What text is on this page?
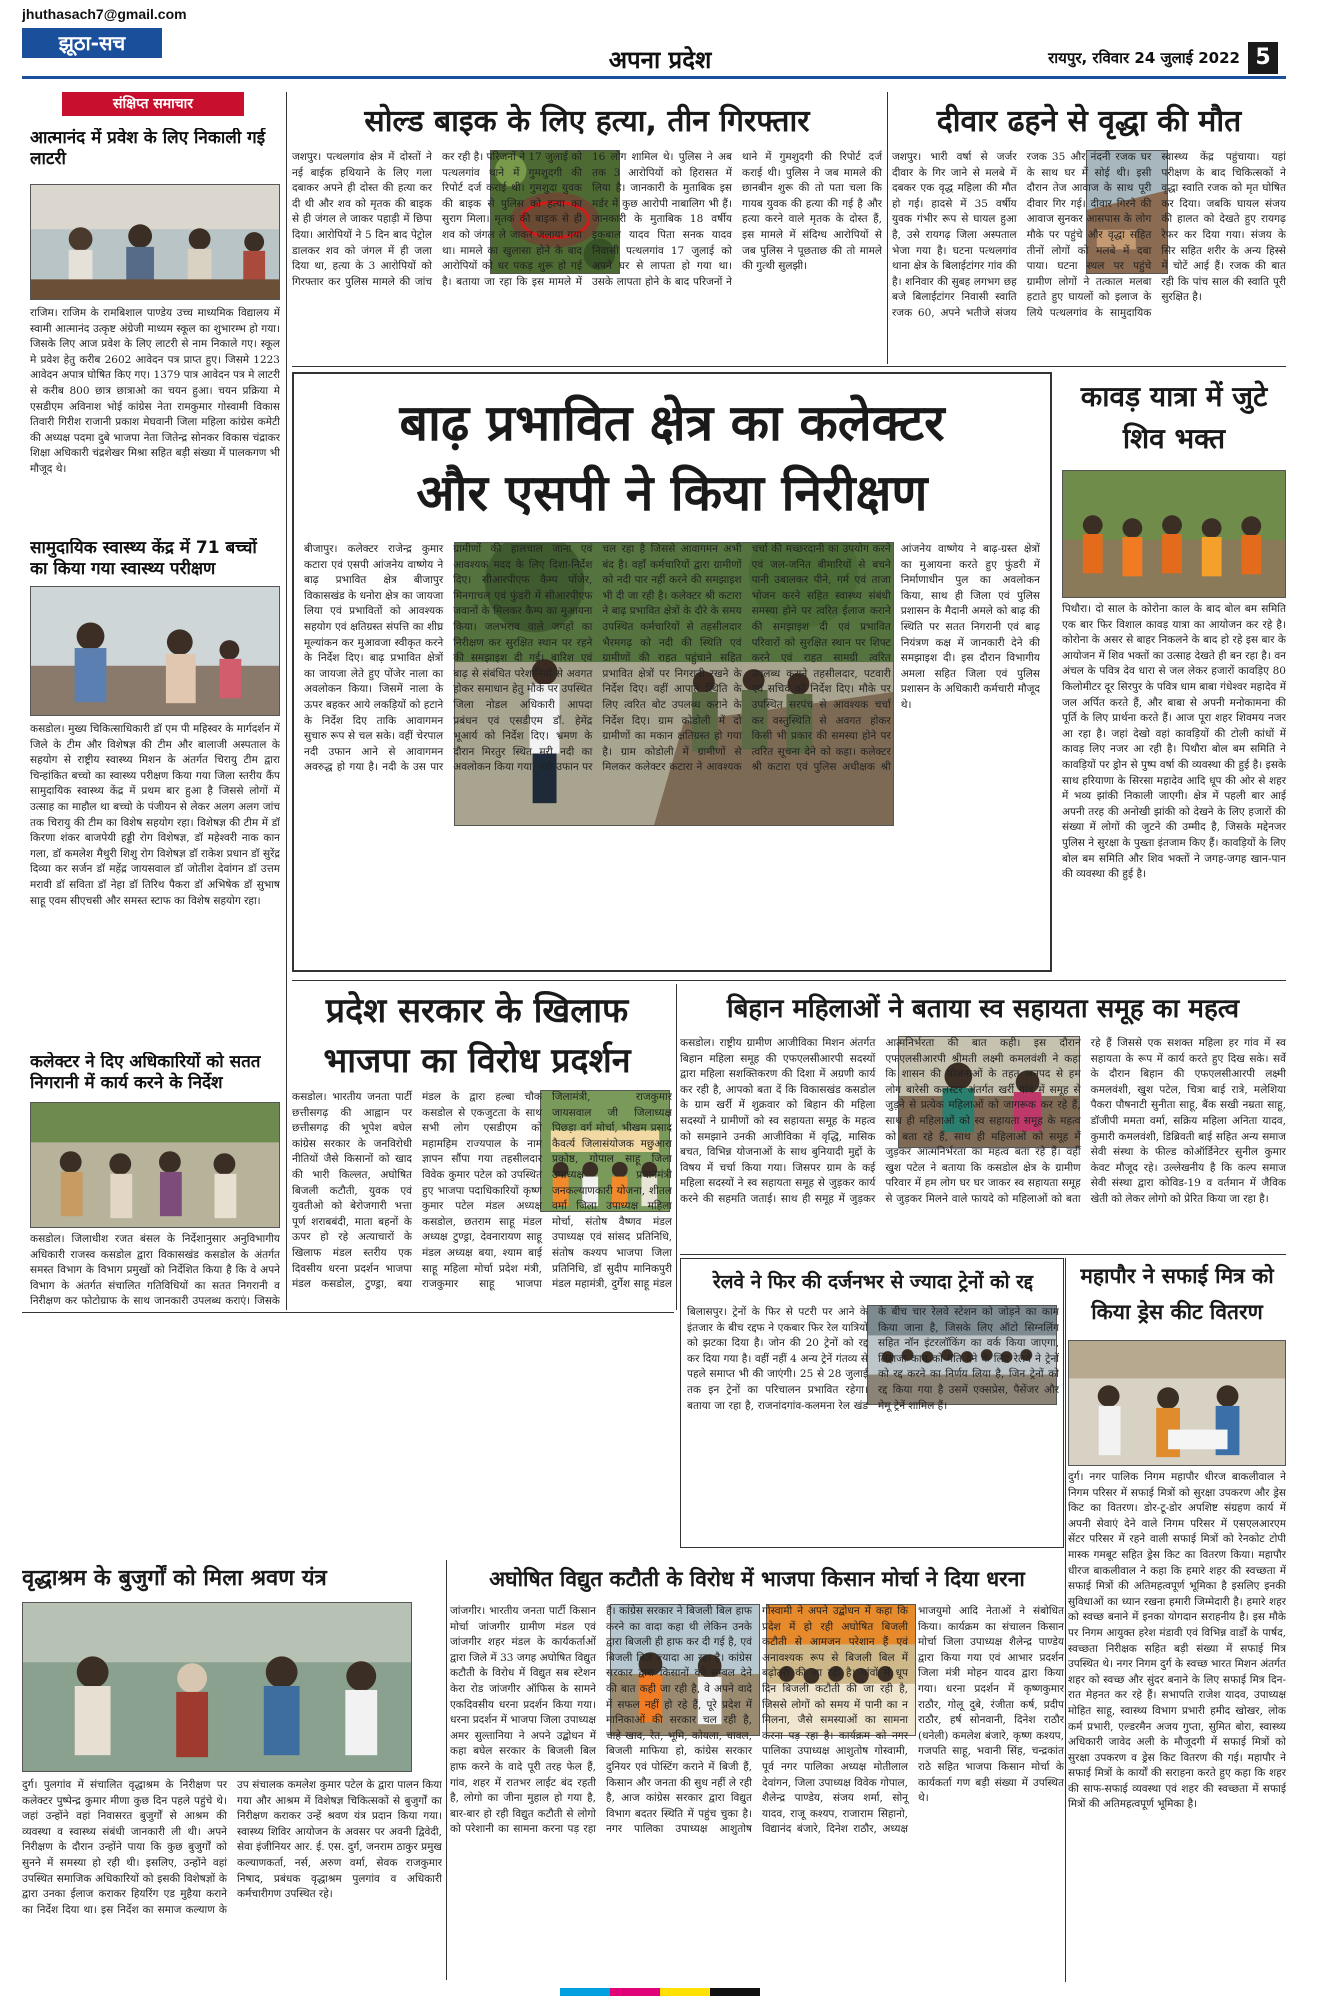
jhuthasach7@gmail.com
झूठा-सच
अपना प्रदेश	रायपुर, रविवार 24 जुलाई 2022 5
संक्षिप्त समाचार
आत्मानंद में प्रवेश के लिए निकाली गई लाटरी
राजिम। राजिम के रामबिशाल पाण्डेय उच्च माध्यमिक विद्यालय में स्वामी आत्मानंद उत्कृष्ट अंग्रेजी माध्यम स्कूल का शुभारम्भ हो गया। जिसके लिए आज प्रवेश के लिए लाटरी से नाम निकाले गए। स्कूल मे प्रवेश हेतु करीब 2602 आवेदन पत्र प्राप्त हुए। जिसमे 1223 आवेदन अपात्र घोषित किए गए। 1379 पात्र आवेदन पत्र मे लाटरी से करीब 800 छात्र छात्राओ का चयन हुआ। चयन प्रक्रिया मे एसडीएम अविनाश भोई कांग्रेस नेता रामकुमार गोस्वामी विकास तिवारी गिरीश राजानी प्रकाश मेघवानी जिला महिला कांग्रेस कमेटी की अध्यक्ष पदमा दुबे भाजपा नेता जितेन्द्र सोनकर विकास चंद्राकर शिक्षा अधिकारी चंद्रशेखर मिश्रा सहित बड़ी संख्या में पालकगण भी मौजूद थे।
सामुदायिक स्वास्थ्य केंद्र में 71 बच्चों का किया गया स्वास्थ्य परीक्षण
कसडोल। मुख्य चिकित्साधिकारी डॉ एम पी महिस्वर के मार्गदर्शन में जिले के टीम और विशेषज्ञ की टीम और बालाजी अस्पताल के सहयोग से राष्ट्रीय स्वास्थ्य मिशन के अंतर्गत चिरायु टीम द्वारा चिन्हांकित बच्चो का स्वास्थ्य परीक्षण किया गया जिला स्तरीय कैंप सामुदायिक स्वास्थ्य केंद्र में प्रथम बार हुआ है जिससे लोगों में उत्साह का माहौल था बच्चो के पंजीयन से लेकर अलग अलग जांच तक चिरायु की टीम का विशेष सहयोग रहा। विशेषज्ञ की टीम में डॉ किरणा शंकर बाजपेयी हड्डी रोग विशेषज्ञ, डॉ महेश्वरी नाक कान गला, डॉ कमलेश मैथुरी शिशु रोग विशेषज्ञ डॉ राकेश प्रधान डॉ सुरेंद्र दिव्या कर सर्जन डॉ महेंद्र जायसवाल डॉ जोतीश देवांगन डॉ उत्तम मरावी डॉ सविता डॉ नेहा डॉ तिरिथ पैकरा डॉ अभिषेक डॉ सुभाष साहू एवम सीएचसी और समस्त स्टाफ का विशेष सहयोग रहा।
कलेक्टर ने दिए अधिकारियों को सतत निगरानी में कार्य करने के निर्देश
कसडोल। जिलाधीश रजत बंसल के निर्देशानुसार अनुविभागीय अधिकारी राजस्व कसडोल द्वारा विकासखंड कसडोल के अंतर्गत समस्त विभाग के विभाग प्रमुखों को निर्देशित किया है कि वे अपने विभाग के अंतर्गत संचालित गतिविधियों का सतत निगरानी व निरीक्षण कर फोटोग्राफ के साथ जानकारी उपलब्ध कराएं। जिसके
सोल्ड बाइक के लिए हत्या, तीन गिरफ्तार
जशपुर। पत्थलगांव क्षेत्र में दोस्तों ने नई बाईक हथियाने के लिए गला दबाकर अपने ही दोस्त की हत्या कर दी थी और शव को मृतक की बाइक से ही जंगल ले जाकर पहाड़ी में छिपा दिया। आरोपियों ने 5 दिन बाद पेट्रोल डालकर शव को जंगल में ही जला दिया था, हत्या के 3 आरोपियों को गिरफ्तार कर पुलिस मामले की जांच कर रही है। परिजनों ने 17 जुलाई को पत्थलगांव थाने में गुमशुदगी की रिपोर्ट दर्ज कराई थी। गुमशुदा युवक की बाइक से पुलिस को हत्या का सुराग मिला। मृतक की बाइक से ही शव को जंगल ले जाकर जलाया गया था। मामले का खुलासा होने के बाद आरोपियों को धर पकड़ शुरू हो गई है। बताया जा रहा कि इस मामले में 16 लोग शामिल थे। पुलिस ने अब तक 3 आरोपियों को हिरासत में लिया है। जानकारी के मुताबिक इस मर्डर में कुछ आरोपी नाबालिग भी हैं। जानकारी के मुताबिक 18 वर्षीय इकबाल यादव पिता सनक यादव निवासी पत्थलगांव 17 जुलाई को अपने घर से लापता हो गया था। उसके लापता होने के बाद परिजनों ने थाने में गुमशुदगी की रिपोर्ट दर्ज कराई थी। पुलिस ने जब मामले की छानबीन शुरू की तो पता चला कि गायब युवक की हत्या की गई है और हत्या करने वाले मृतक के दोस्त हैं, इस मामले में संदिग्ध आरोपियों से जब पुलिस ने पूछताछ की तो मामले की गुत्थी सुलझी।
दीवार ढहने से वृद्धा की मौत
जशपुर। भारी वर्षा से जर्जर दीवार के गिर जाने से मलबे में दबकर एक वृद्ध महिला की मौत हो गई। हादसे में 35 वर्षीय युवक गंभीर रूप से घायल हुआ है, उसे रायगढ़ जिला अस्पताल भेजा गया है। घटना पत्थलगांव थाना क्षेत्र के बिलाईटांगर गांव की है। शनिवार की सुबह लगभग छह बजे बिलाईटांगर निवासी स्वाति रजक 60, अपने भतीजे संजय रजक 35 और नंदनी रजक घर के साथ घर में सोई थी। इसी दौरान तेज आवाज के साथ पूरी दीवार गिर गई। दीवार गिरने की आवाज सुनकर आसपास के लोग मौके पर पहुंचे और वृद्धा सहित तीनों लोगों को मलबे में दबा पाया। घटना स्थल पर पहुंचे ग्रामीण लोगों ने तत्काल मलबा हटाते हुए घायलों को इलाज के लिये पत्थलगांव के सामुदायिक स्वास्थ्य केंद्र पहुंचाया। यहां परीक्षण के बाद चिकित्सकों ने वृद्धा स्वाति रजक को मृत घोषित कर दिया। जबकि घायल संजय की हालत को देखते हुए रायगढ़ रेफर कर दिया गया। संजय के सिर सहित शरीर के अन्य हिस्से में चोटें आई हैं। रजक की बात रही कि पांच साल की स्वाति पूरी सुरक्षित है।
बाढ़ प्रभावित क्षेत्र का कलेक्टर
और एसपी ने किया निरीक्षण
बीजापुर। कलेक्टर राजेन्द्र कुमार कटारा एवं एसपी आंजनेय वाष्णेय ने बाढ़ प्रभावित क्षेत्र बीजापुर विकासखंड के धनोरा क्षेत्र का जायजा लिया एवं प्रभावितों को आवश्यक सहयोग एवं क्षतिग्रस्त संपत्ति का शीघ्र मूल्यांकन कर मुआवजा स्वीकृत करने के निर्देश दिए। बाढ़ प्रभावित क्षेत्रों का जायजा लेते हुए पोंजेर नाला का अवलोकन किया। जिसमें नाला के ऊपर बहकर आये लकड़ियों को हटाने के निर्देश दिए ताकि आवागमन सुचारु रूप से चल सके। वहीं चेरपाल नदी उफान आने से आवागमन अवरुद्ध हो गया है। नदी के उस पार ग्रामीणों की हालचाल जाना एवं आवश्यक मदद के लिए दिशा-निर्देश दिए। सीआरपीएफ कैम्प पोंजेर, मिनगाचल एवं फुंडरी में सीआरपीएफ जवानों के मिलकर कैम्प का मुआयना किया। जलभराव वाले जगहों का निरीक्षण कर सुरक्षित स्थान पर रहने की समझाइश दी गई। बारिश एवं बाढ़ से संबंधित परेशानियों से अवगत होकर समाधान हेतु मौके पर उपस्थित जिला नोडल अधिकारी आपदा प्रबंधन एवं एसडीएम डॉ. हेमेंद्र भूआर्य को निर्देश दिए। भ्रमण के दौरान मिरतुर स्थित मरी नदी का अवलोकन किया गया, नदी उफान पर चल रहा है जिससे आवागमन अभी बंद है। वहाँ कर्मचारियों द्वारा ग्रामीणों को नदी पार नहीं करने की समझाइश भी दी जा रही है। कलेक्टर श्री कटारा ने बाढ़ प्रभावित क्षेत्रों के दौरे के समय उपस्थित कर्मचारियों से तहसीलदार भैरमगढ़ को नदी की स्थिति एवं ग्रामीणों की राहत पहुंचाने सहित प्रभावित क्षेत्रों पर निगरानी रखने के निर्देश दिए। वहीं आपात स्थिति के लिए त्वरित बोट उपलब्ध कराने के निर्देश दिए। ग्राम कोडोली में दो ग्रामीणों का मकान क्षतिग्रस्त हो गया है। ग्राम कोडोली में ग्रामीणों से मिलकर कलेक्टर कटारा ने आवश्यक चर्चा की मच्छरदानी का उपयोग करने एवं जल-जनित बीमारियों से बचने पानी उबालकर पीने, गर्म एवं ताजा भोजन करने सहित स्वास्थ्य संबंधी समस्या होने पर त्वरित ईलाज कराने की समझाइश दी एवं प्रभावित परिवारों को सुरक्षित स्थान पर शिफ्ट करने एवं राहत सामग्री त्वरित उपलब्ध कराने तहसीलदार, पटवारी एवं सचिव को निर्देश दिए। मौके पर उपस्थित सरपंच से आवश्यक चर्चा कर वस्तुस्थिति से अवगत होकर किसी भी प्रकार की समस्या होने पर त्वरित सूचना देने को कहा। कलेक्टर श्री कटारा एवं पुलिस अधीक्षक श्री आंजनेय वाष्णेय ने बाढ़-ग्रस्त क्षेत्रों का मुआयना करते हुए फुंडरी में निर्माणाधीन पुल का अवलोकन किया, साथ ही जिला एवं पुलिस प्रशासन के मैदानी अमले को बाढ़ की स्थिति पर सतत निगरानी एवं बाढ़ नियंत्रण कक्ष में जानकारी देने की समझाइश दी। इस दौरान विभागीय अमला सहित जिला एवं पुलिस प्रशासन के अधिकारी कर्मचारी मौजूद थे।
कावड़ यात्रा में जुटे शिव भक्त
पिथौरा। दो साल के कोरोना काल के बाद बोल बम समिति एक बार फिर विशाल कावड़ यात्रा का आयोजन कर रहे है। कोरोना के असर से बाहर निकलने के बाद हो रहे इस बार के आयोजन में शिव भक्तों का उत्साह देखते ही बन रहा है। वन अंचल के पवित्र देव धारा से जल लेकर हजारों कावड़िए 80 किलोमीटर दूर सिरपुर के पवित्र धाम बाबा गंधेश्वर महादेव में जल अर्पित करते हैं, और बाबा से अपनी मनोकामना की पूर्ति के लिए प्रार्थना करते हैं। आज पूरा शहर शिवमय नजर आ रहा है। जहां देखो वहां कावड़ियों की टोली कांधों में कावड़ लिए नजर आ रही है। पिथौरा बोल बम समिति ने कावड़ियों पर ड्रोन से पुष्प वर्षा की व्यवस्था की हुई है। इसके साथ हरियाणा के सिरसा महादेव आदि धूप की ओर से शहर में भव्य झांकी निकाली जाएगी। क्षेत्र में पहली बार आई अपनी तरह की अनोखी झांकी को देखने के लिए हजारों की संख्या में लोगों की जुटने की उम्मीद है, जिसके मद्देनजर पुलिस ने सुरक्षा के पुख्ता इंतजाम किए हैं। कावड़ियों के लिए बोल बम समिति और शिव भक्तों ने जगह-जगह खान-पान की व्यवस्था की हुई है।
प्रदेश सरकार के खिलाफ
भाजपा का विरोध प्रदर्शन
कसडोल। भारतीय जनता पार्टी छत्तीसगढ़ की आह्वान पर छत्तीसगढ़ की भूपेश बघेल कांग्रेस सरकार के जनविरोधी नीतियों जैसे किसानों को खाद की भारी किल्लत, अघोषित बिजली कटौती, युवक एवं युवतीओ को बेरोजगारी भत्ता पूर्ण शराबबंदी, माता बहनों के ऊपर हो रहे अत्याचारों के खिलाफ मंडल स्तरीय एक दिवसीय धरना प्रदर्शन भाजपा मंडल कसडोल, टुण्ड्रा, बया मंडल के द्वारा हल्बा चौक कसडोल से एकजुटता के साथ सभी लोग एसडीएम को महामहिम राज्यपाल के नाम ज्ञापन सौंपा गया तहसीलदार विवेक कुमार पटेल को उपस्थित हुए भाजपा पदाधिकारियों कृष्ण कुमार पटेल मंडल अध्यक्ष कसडोल, छतराम साहू मंडल अध्यक्ष टुण्ड्रा, देवनारायण साहू मंडल अध्यक्ष बया, श्याम बाई साहू महिला मोर्चा प्रदेश मंत्री, राजकुमार साहू भाजपा जिलामंत्री, राजकुमार जायसवाल जी जिलाध्यक्ष पिछड़ा वर्ग मोर्चा, भीखम प्रसाद कैवर्त्य जिलासंयोजक मछुआरा प्रकोष्ठ, गोपाल साहू जिला उपाध्यक्ष प्रधानमंत्री जनकल्याणकारी योजना, शीतल वर्मा जिला उपाध्यक्ष महिला मोर्चा, संतोष वैष्णव मंडल उपाध्यक्ष एवं सांसद प्रतिनिधि, संतोष कश्यप भाजपा जिला प्रतिनिधि, डॉ सुदीप मानिकपुरी मंडल महामंत्री, दुर्गेश साहू मंडल
बिहान महिलाओं ने बताया स्व सहायता समूह का महत्व
कसडोल। राष्ट्रीय ग्रामीण आजीविका मिशन अंतर्गत बिहान महिला समूह की एफएलसीआरपी सदस्यों द्वारा महिला सशक्तिकरण की दिशा में अग्रणी कार्य कर रही है, आपको बता दें कि विकासखंड कसडोल के ग्राम खर्री में शुक्रवार को बिहान की महिला सदस्यों ने ग्रामीणों को स्व सहायता समूह के महत्व को समझाने उनकी आजीविका में वृद्धि, मासिक बचत, विभिन्न योजनाओं के साथ बुनियादी मुद्दों के विषय में चर्चा किया गया। जिसपर ग्राम के कई महिला सदस्यों ने स्व सहायता समूह से जुड़कर कार्य करने की सहमति जताई। साथ ही समूह में जुड़कर आत्मनिर्भरता की बात कही। इस दौरान एफएलसीआरपी श्रीमती लक्ष्मी कमलवंशी ने कहा कि शासन की योजनाओं के तहत जनपद से हम लोग बारेसी कलस्टर अंतर्गत खर्री गांव में समूह से जुड़ने से प्रत्येक महिलाओं को जागरूक कर रहे हैं, साथ ही महिलाओं को स्व सहायता समूह के महत्व को बता रहे हैं, साथ ही महिलाओं को समूह में जुड़कर आत्मनिर्भरता का महत्व बता रहे हैं। वहीं खुश पटेल ने बताया कि कसडोल क्षेत्र के ग्रामीण परिवार में हम लोग घर घर जाकर स्व सहायता समूह से जुड़कर मिलने वाले फायदे को महिलाओं को बता रहे हैं जिससे एक सशक्त महिला हर गांव में स्व सहायता के रूप में कार्य करते हुए दिख सके। सर्वे के दौरान बिहान की एफएलसीआरपी लक्ष्मी कमलवंशी, खुश पटेल, चित्रा बाई रात्रे, मलेशिया पैकरा पौषनाटी सुनीता साहू, बैंक सखी नम्रता साहू, डॉजीपी ममता वर्मा, सक्रिय महिला अनिता यादव, कुमारी कमलवंशी, डिब्रिवती बाई सहित अन्य समाज सेवी संस्था के फील्ड कोऑर्डिनेटर सुनील कुमार केवट मौजूद रहे। उल्लेखनीय है कि कल्प समाज सेवी संस्था द्वारा कोविड-19 व वर्तमान में जैविक खेती को लेकर लोगो को प्रेरित किया जा रहा है।
रेलवे ने फिर की दर्जनभर से ज्यादा ट्रेनों को रद्द
बिलासपुर। ट्रेनों के फिर से पटरी पर आने के इंतजार के बीच रद्दफ ने एकबार फिर रेल यात्रियों को झटका दिया है। जोन की 20 ट्रेनों को रद्द कर दिया गया है। वहीं नहीं 4 अन्य ट्रेनें गंतव्य से पहले समाप्त भी की जाएंगी। 25 से 28 जुलाई तक इन ट्रेनों का परिचालन प्रभावित रहेगा। बताया जा रहा है, राजनांदगांव-कलमना रेल खंड के बीच चार रेलवे स्टेशन को जोड़ने का काम किया जाना है, जिसके लिए ऑटो सिग्नलिंग सहित नॉन इंटरलॉकिंग का वर्क किया जाएगा, लिहाजा काम को गति देने के लिए रेलवे ने ट्रेनों को रद्द करने का निर्णय लिया है, जिन ट्रेनों को रद्द किया गया है उसमें एक्सप्रेस, पैसेंजर और मेमू ट्रेनें शामिल हैं।
महापौर ने सफाई मित्र को किया ड्रेस कीट वितरण
दुर्ग। नगर पालिक निगम महापौर धीरज बाकलीवाल ने निगम परिसर में सफाई मित्रों को सुरक्षा उपकरण और ड्रेस किट का वितरण। डोर-टू-डोर अपशिष्ट संग्रहण कार्य में अपनी सेवाएं देने वाले निगम परिसर में एसएलआरएम सेंटर परिसर में रहने वाली सफाई मित्रों को रेनकोट टोपी मास्क गमबूट सहित ड्रेस किट का वितरण किया। महापौर धीरज बाकलीवाल ने कहा कि हमारे शहर की स्वच्छता में सफाई मित्रों की अतिमहत्वपूर्ण भूमिका है इसलिए इनकी सुविधाओं का ध्यान रखना हमारी जिम्मेदारी है। हमारे शहर को स्वच्छ बनाने में इनका योगदान सराहनीय है। इस मौके पर निगम आयुक्त हरेश मंडावी एवं विभिन्न वार्डों के पार्षद, स्वच्छता निरीक्षक सहित बड़ी संख्या में सफाई मित्र उपस्थित थे। नगर निगम दुर्ग के स्वच्छ भारत मिशन अंतर्गत शहर को स्वच्छ और सुंदर बनाने के लिए सफाई मित्र दिन-रात मेहनत कर रहे हैं। सभापति राजेश यादव, उपाध्यक्ष मोहित साहू, स्वास्थ्य विभाग प्रभारी हमीद खोखर, लोक कर्म प्रभारी, एल्डरमैन अजय गुप्ता, सुमित बोरा, स्वास्थ्य अधिकारी जावेद अली के मौजूदगी में सफाई मित्रों को सुरक्षा उपकरण व ड्रेस किट वितरण की गई। महापौर ने सफाई मित्रों के कार्यों की सराहना करते हुए कहा कि शहर की साफ-सफाई व्यवस्था एवं शहर की स्वच्छता में सफाई मित्रों की अतिमहत्वपूर्ण भूमिका है।
वृद्धाश्रम के बुजुर्गों को मिला श्रवण यंत्र
दुर्ग। पुलगांव में संचालित वृद्धाश्रम के निरीक्षण पर कलेक्टर पुष्पेन्द्र कुमार मीणा कुछ दिन पहले पहुंचे थे। जहां उन्होंने वहां निवासरत बुजुर्गों से आश्रम की व्यवस्था व स्वास्थ्य संबंधी जानकारी ली थी। अपने निरीक्षण के दौरान उन्होंने पाया कि कुछ बुजुर्गों को सुनने में समस्या हो रही थी। इसलिए, उन्होंने वहां उपस्थित समाजिक अधिकारियों को इसकी विशेषज्ञों के द्वारा उनका ईलाज कराकर हियरिंग एड मुहैया कराने का निर्देश दिया था। इस निर्देश का समाज कल्याण के उप संचालक कमलेश कुमार पटेल के द्वारा पालन किया गया और आश्रम में विशेषज्ञ चिकित्सकों से बुजुर्गों का निरीक्षण कराकर उन्हें श्रवण यंत्र प्रदान किया गया। स्वास्थ्य शिविर आयोजन के अवसर पर अवनी द्विवेदी, सेवा इंजीनियर आर. ई. एस. दुर्ग, जनराम ठाकुर प्रमुख कल्याणकर्ता, नर्स, अरुण वर्मा, सेवक राजकुमार निषाद, प्रबंधक वृद्धाश्रम पुलगांव व अधिकारी कर्मचारीगण उपस्थित रहे।
अघोषित विद्युत कटौती के विरोध में भाजपा किसान मोर्चा ने दिया धरना
जांजगीर। भारतीय जनता पार्टी किसान मोर्चा जांजगीर ग्रामीण मंडल एवं जांजगीर शहर मंडल के कार्यकर्ताओं द्वारा जिले में 33 जगह अघोषित विद्युत कटौती के विरोध में विद्युत सब स्टेशन केरा रोड जांजगीर ऑफिस के सामने एकदिवसीय धरना प्रदर्शन किया गया। धरना प्रदर्शन में भाजपा जिला उपाध्यक्ष अमर सुल्तानिया ने अपने उद्बोधन में कहा बघेल सरकार के बिजली बिल हाफ करने के वादे पूरी तरह फेल हैं, गांव, शहर में रातभर लाईट बंद रहती है, लोगो का जीना मुहाल हो गया है, बार-बार हो रही विद्युत कटौती से लोगो को परेशानी का सामना करना पड़ रहा है। कांग्रेस सरकार ने बिजली बिल हाफ करने का वादा कहा थी लेकिन उनके द्वारा बिजली ही हाफ कर दी गई है, एवं बिजली बिल ज्यादा आ रहा है। कांग्रेस सरकार द्वारा किसानों को सम्बल देने की बात कही जा रही है, वे अपने वादे में सफल नहीं हो रहे हैं, पूरे प्रदेश में मानिकाओं की सरकार चल रही है, चाहे खाद, रेत, भूमि, कोयला, चावल, बिजली माफिया हो, कांग्रेस सरकार दुनियर एवं पोस्टिंग कराने में बिजी हैं, किसान और जनता की सुध नहीं ले रही है, आज कांग्रेस सरकार द्वारा विद्युत विभाग बदतर स्थिति में पहुंच चुका है। नगर पालिका उपाध्यक्ष आशुतोष गोस्वामी ने अपने उद्बोधन में कहा कि प्रदेश में हो रही अघोषित बिजली कटौती से आमजन परेशान हैं एवं अनावश्यक रूप से बिजली बिल में बढ़ोतरी की जा रही है। गांवों में धूप दिन बिजली कटौती की जा रही है, जिससे लोगों को समय में पानी का न मिलना, जैसे समस्याओं का सामना करना पड़ रहा है। कार्यक्रम को नगर पालिका उपाध्यक्ष आशुतोष गोस्वामी, पूर्व नगर पालिका अध्यक्ष मोतीलाल देवांगन, जिला उपाध्यक्ष विवेक गोपाल, शैलेन्द्र पाण्डेय, संजय शर्मा, सोनू यादव, राजू कश्यप, राजाराम सिहानो, विद्यानंद बंजारे, दिनेश राठौर, अध्यक्ष भाजयुमो आदि नेताओं ने संबोधित किया। कार्यक्रम का संचालन किसान मोर्चा जिला उपाध्यक्ष शैलेन्द्र पाण्डेय द्वारा किया गया एवं आभार प्रदर्शन जिला मंत्री मोहन यादव द्वारा किया गया। धरना प्रदर्शन में कृष्णकुमार राठौर, गोलू दुबे, रंजीता कर्ष, प्रदीप राठौर, हर्ष सोनवानी, दिनेश राठौर (धनेली) कमलेश बंजारे, कृष्ण कश्यप, गजपति साहू, भवानी सिंह, चन्द्रकांत राठे सहित भाजपा किसान मोर्चा के कार्यकर्ता गण बड़ी संख्या में उपस्थित थे।
